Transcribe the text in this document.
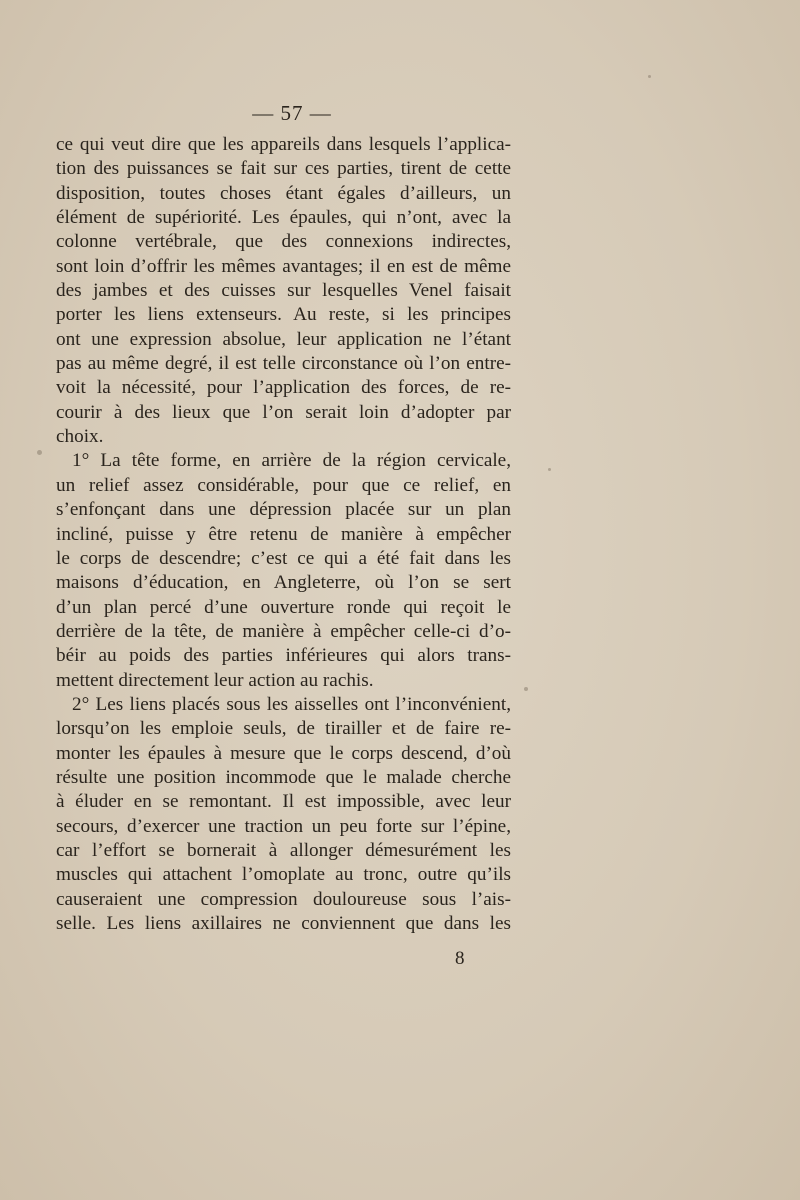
— 57 —
ce qui veut dire que les appareils dans lesquels l’applica-
tion des puissances se fait sur ces parties, tirent de cette
disposition, toutes choses étant égales d’ailleurs, un
élément de supériorité. Les épaules, qui n’ont, avec la
colonne vertébrale, que des connexions indirectes,
sont loin d’offrir les mêmes avantages; il en est de même
des jambes et des cuisses sur lesquelles Venel faisait
porter les liens extenseurs. Au reste, si les principes
ont une expression absolue, leur application ne l’étant
pas au même degré, il est telle circonstance où l’on entre-
voit la nécessité, pour l’application des forces, de re-
courir à des lieux que l’on serait loin d’adopter par
choix.
1° La tête forme, en arrière de la région cervicale,
un relief assez considérable, pour que ce relief, en
s’enfonçant dans une dépression placée sur un plan
incliné, puisse y être retenu de manière à empêcher
le corps de descendre; c’est ce qui a été fait dans les
maisons d’éducation, en Angleterre, où l’on se sert
d’un plan percé d’une ouverture ronde qui reçoit le
derrière de la tête, de manière à empêcher celle-ci d’o-
béir au poids des parties inférieures qui alors trans-
mettent directement leur action au rachis.
2° Les liens placés sous les aisselles ont l’inconvénient,
lorsqu’on les emploie seuls, de tirailler et de faire re-
monter les épaules à mesure que le corps descend, d’où
résulte une position incommode que le malade cherche
à éluder en se remontant. Il est impossible, avec leur
secours, d’exercer une traction un peu forte sur l’épine,
car l’effort se bornerait à allonger démesurément les
muscles qui attachent l’omoplate au tronc, outre qu’ils
causeraient une compression douloureuse sous l’ais-
selle. Les liens axillaires ne conviennent que dans les
8
